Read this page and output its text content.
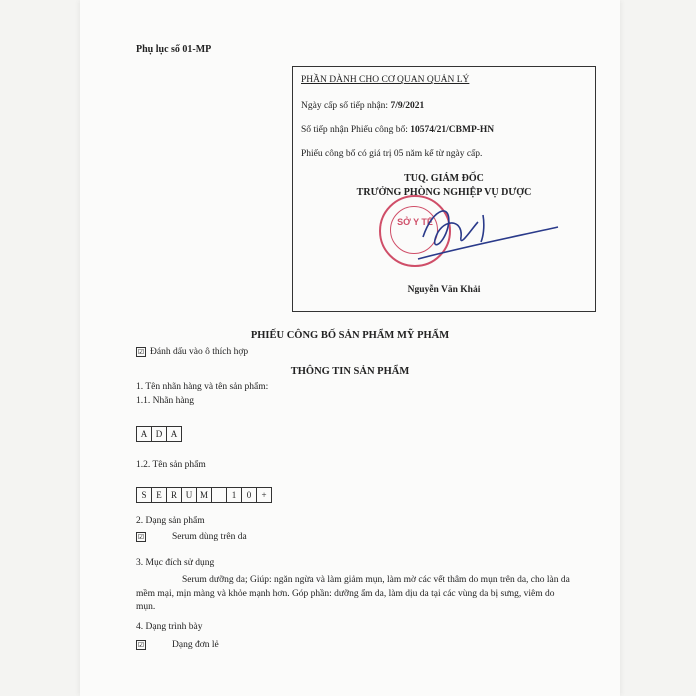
Phụ lục số 01-MP
PHẦN DÀNH CHO CƠ QUAN QUẢN LÝ
Ngày cấp số tiếp nhận: 7/9/2021
Số tiếp nhận Phiếu công bố: 10574/21/CBMP-HN
Phiếu công bố có giá trị 05 năm kể từ ngày cấp.
TUQ. GIÁM ĐỐC
TRƯỞNG PHÒNG NGHIỆP VỤ DƯỢC
SỞ Y TẾ
Nguyễn Văn Khải
PHIẾU CÔNG BỐ SẢN PHẨM MỸ PHẨM
☑ Đánh dấu vào ô thích hợp
THÔNG TIN SẢN PHẨM
1. Tên nhãn hàng và tên sản phẩm:
1.1. Nhãn hàng
A D A
1.2. Tên sản phẩm
S	E	R U M	1	0	+
2. Dạng sản phẩm
☑	Serum dùng trên da
3. Mục đích sử dụng
Serum dưỡng da; Giúp: ngăn ngừa và làm giảm mụn, làm mờ các vết thâm do mụn trên da, cho làn da mềm mại, mịn màng và khỏe mạnh hơn. Góp phần: dưỡng ẩm da, làm dịu da tại các vùng da bị sưng, viêm do mụn.
4. Dạng trình bày
☑	Dạng đơn lẻ
